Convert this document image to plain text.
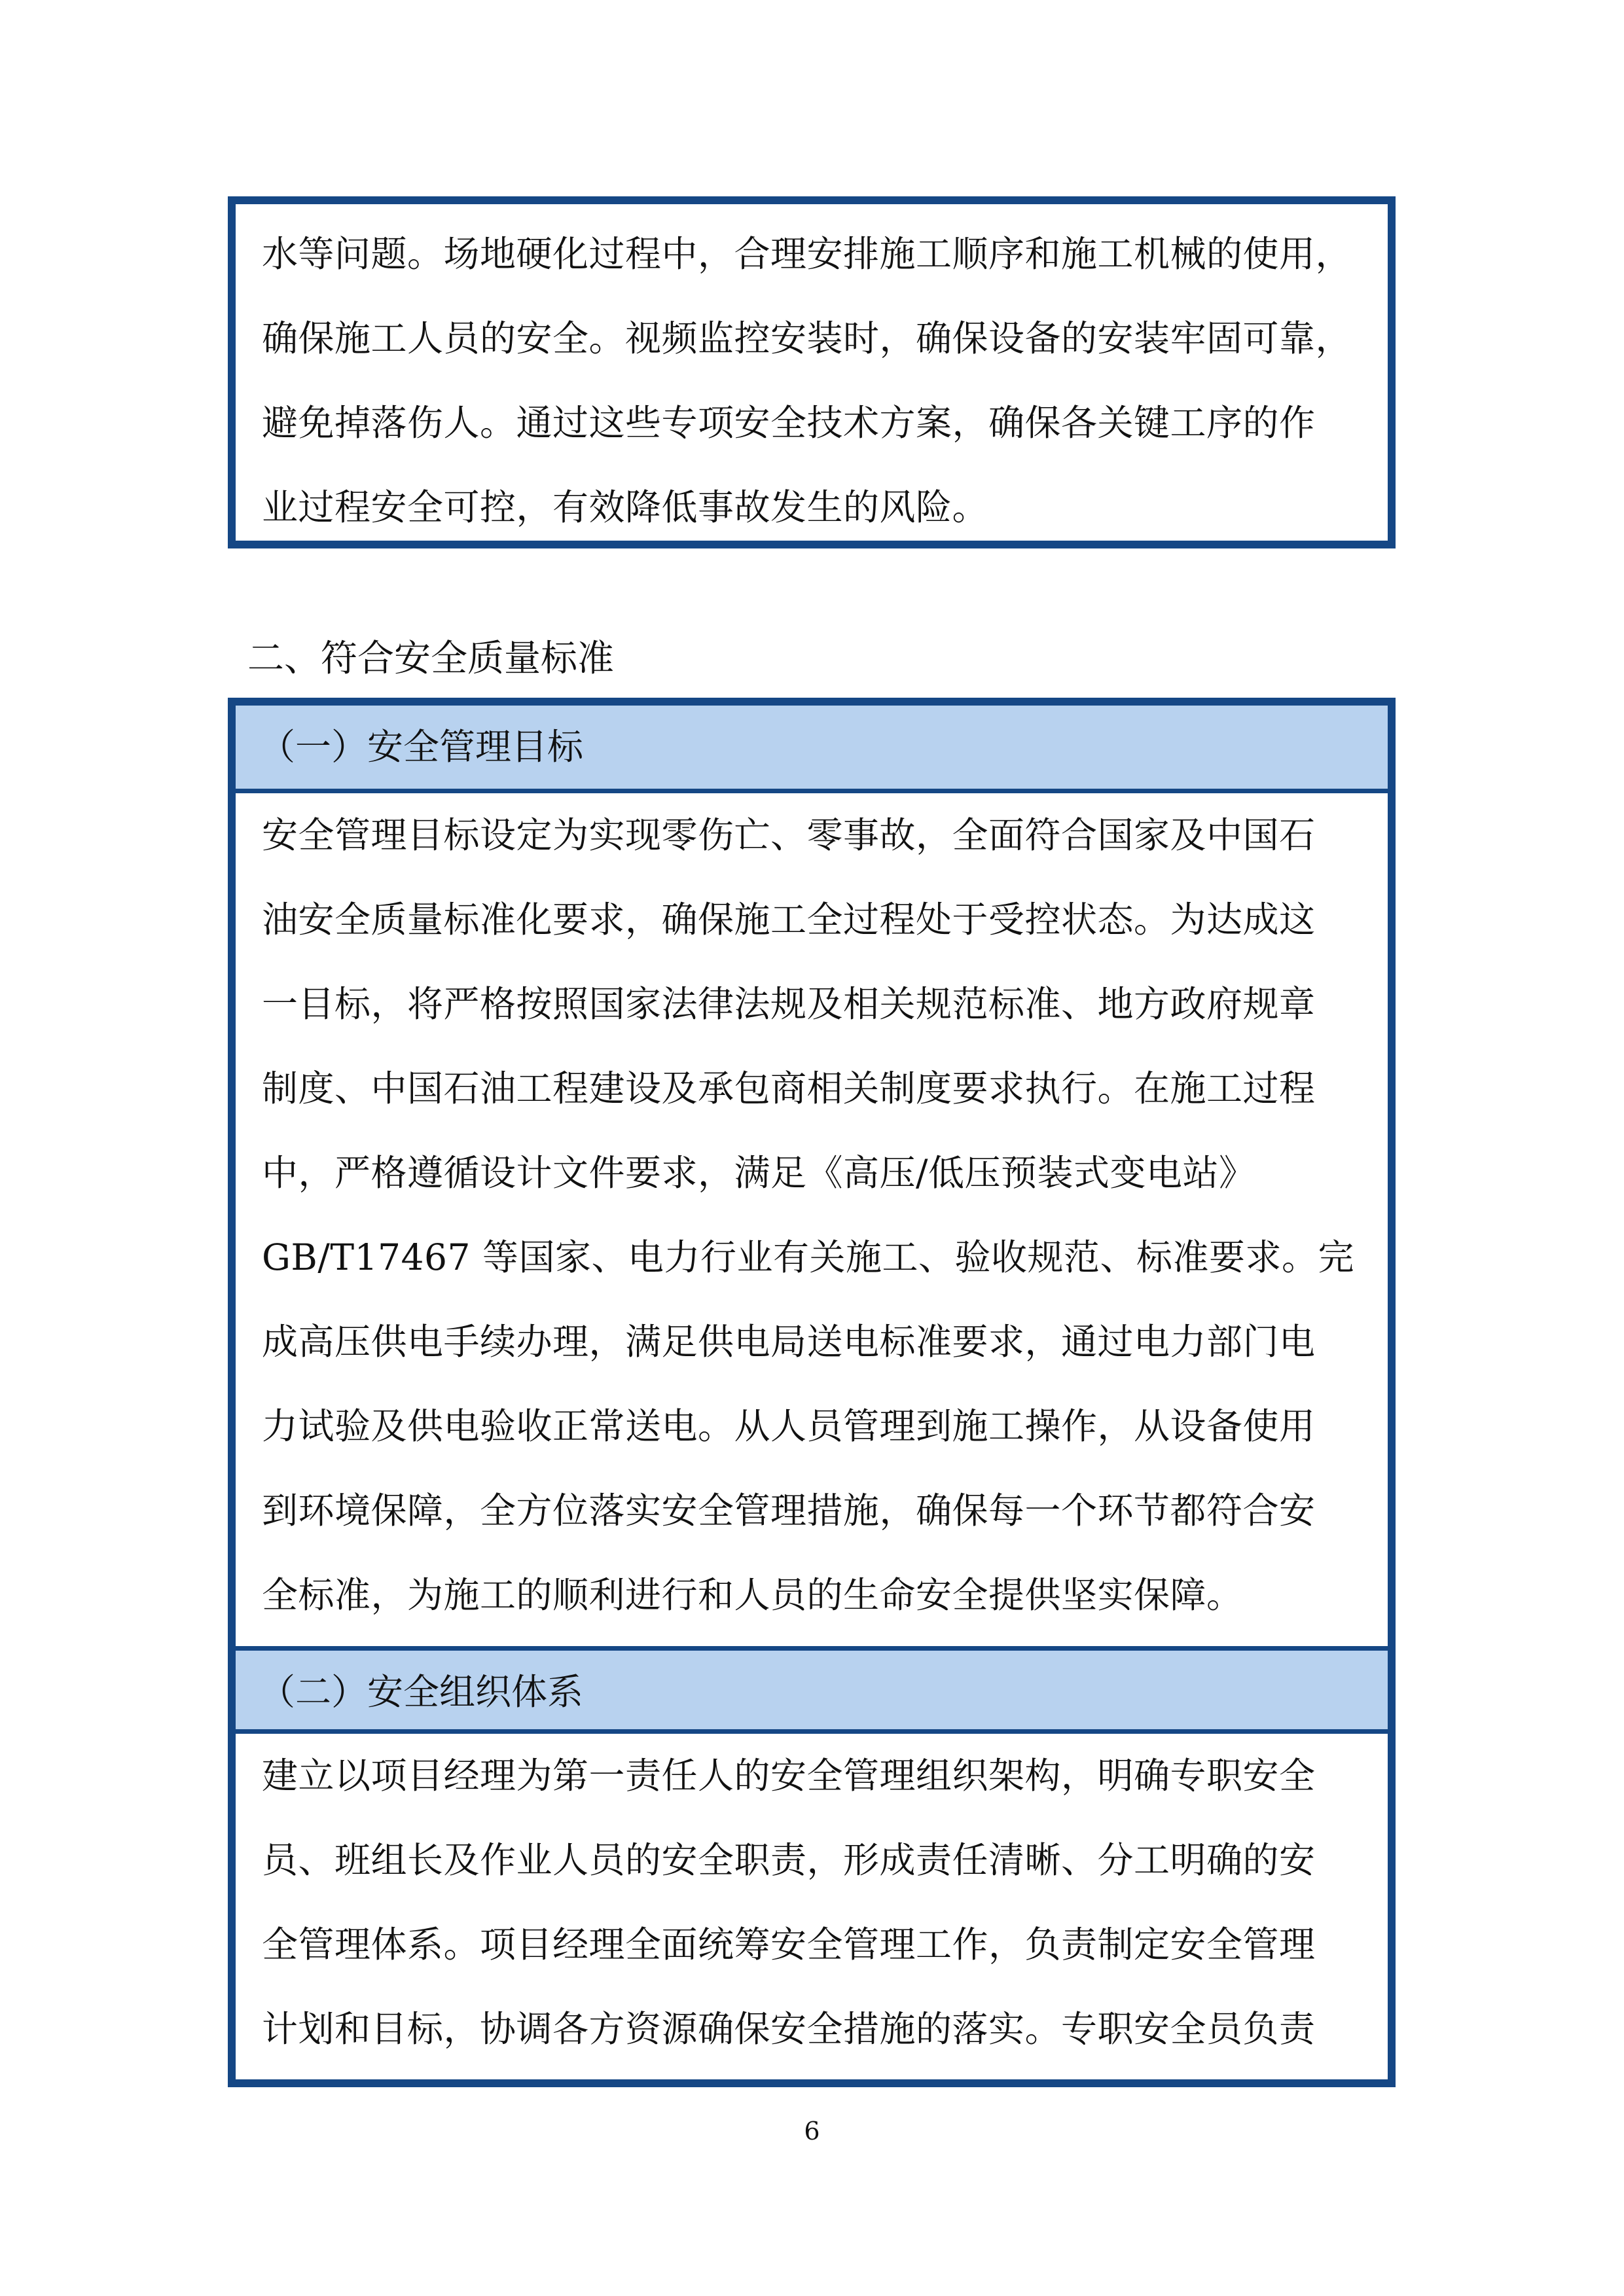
水等问题。场地硬化过程中，合理安排施工顺序和施工机械的使用，
确保施工人员的安全。视频监控安装时，确保设备的安装牢固可靠，
避免掉落伤人。通过这些专项安全技术方案，确保各关键工序的作
业过程安全可控，有效降低事故发生的风险。
二、符合安全质量标准
（一）安全管理目标
安全管理目标设定为实现零伤亡、零事故，全面符合国家及中国石
油安全质量标准化要求，确保施工全过程处于受控状态。为达成这
一目标，将严格按照国家法律法规及相关规范标准、地方政府规章
制度、中国石油工程建设及承包商相关制度要求执行。在施工过程
中，严格遵循设计文件要求，满足《高压/低压预装式变电站》
GB/T17467 等国家、电力行业有关施工、验收规范、标准要求。完
成高压供电手续办理，满足供电局送电标准要求，通过电力部门电
力试验及供电验收正常送电。从人员管理到施工操作，从设备使用
到环境保障，全方位落实安全管理措施，确保每一个环节都符合安
全标准，为施工的顺利进行和人员的生命安全提供坚实保障。
（二）安全组织体系
建立以项目经理为第一责任人的安全管理组织架构，明确专职安全
员、班组长及作业人员的安全职责，形成责任清晰、分工明确的安
全管理体系。项目经理全面统筹安全管理工作，负责制定安全管理
计划和目标，协调各方资源确保安全措施的落实。专职安全员负责
6
